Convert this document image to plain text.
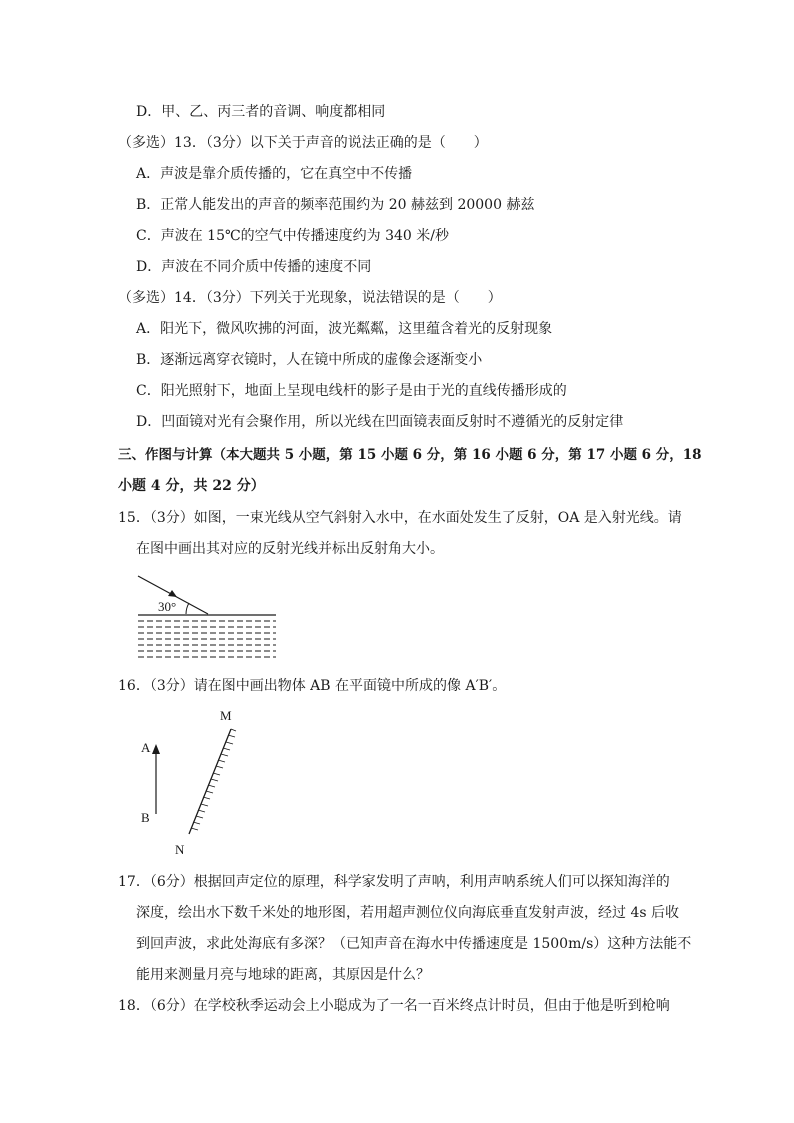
D．甲、乙、丙三者的音调、响度都相同
（多选）13．（3分）以下关于声音的说法正确的是（　　）
A．声波是靠介质传播的，它在真空中不传播
B．正常人能发出的声音的频率范围约为 20 赫兹到 20000 赫兹
C．声波在 15℃的空气中传播速度约为 340 米/秒
D．声波在不同介质中传播的速度不同
（多选）14．（3分）下列关于光现象，说法错误的是（　　）
A．阳光下，微风吹拂的河面，波光粼粼，这里蕴含着光的反射现象
B．逐渐远离穿衣镜时，人在镜中所成的虚像会逐渐变小
C．阳光照射下，地面上呈现电线杆的影子是由于光的直线传播形成的
D．凹面镜对光有会聚作用，所以光线在凹面镜表面反射时不遵循光的反射定律
三、作图与计算（本大题共 5 小题，第 15 小题 6 分，第 16 小题 6 分，第 17 小题 6 分，18
小题 4 分，共 22 分）
15．（3分）如图，一束光线从空气斜射入水中，在水面处发生了反射，OA 是入射光线。请
在图中画出其对应的反射光线并标出反射角大小。
30°
16．（3分）请在图中画出物体 AB 在平面镜中所成的像 A′B′。
A
B
M
N
17．（6分）根据回声定位的原理，科学家发明了声呐，利用声呐系统人们可以探知海洋的
深度，绘出水下数千米处的地形图，若用超声测位仪向海底垂直发射声波，经过 4s 后收
到回声波，求此处海底有多深？（已知声音在海水中传播速度是 1500m/s）这种方法能不
能用来测量月亮与地球的距离，其原因是什么？
18．（6分）在学校秋季运动会上小聪成为了一名一百米终点计时员，但由于他是听到枪响
